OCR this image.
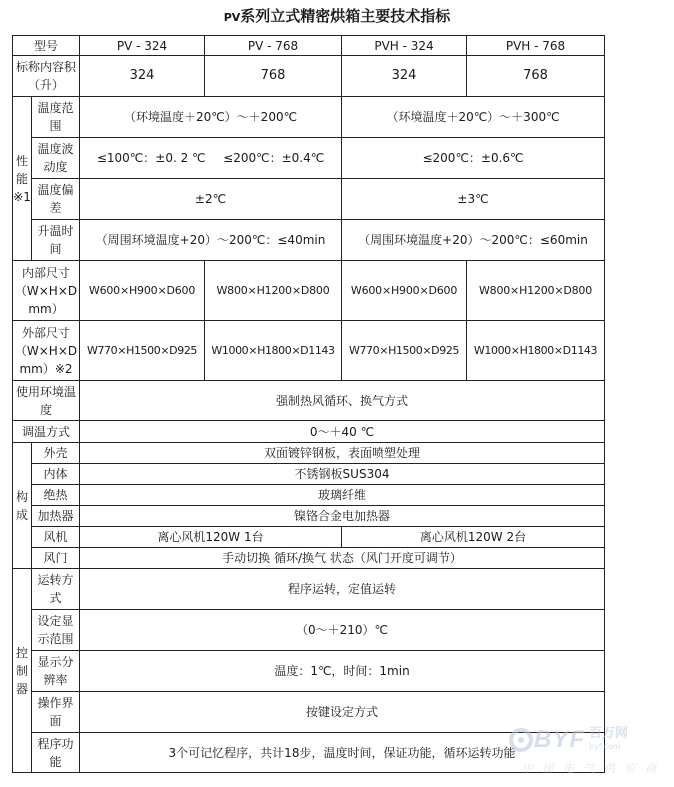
PV系列立式精密烘箱主要技术指标
型号		PV - 324	PV - 768	PVH - 324	PVH - 768
标称内容积（升）		324	768	324	768
性能※1	温度范围	（环境温度＋20℃）～＋200℃		（环境温度＋20℃）～＋300℃	
	温度波动度	≤100℃：±0. 2 ℃ ≤200℃：±0.4℃		≤200℃：±0.6℃	
	温度偏差	±2℃		±3℃	
	升温时间	（周围环境温度+20）～200℃：≤40min		（周围环境温度+20）～200℃：≤60min	
内部尺寸（W×H×Dmm）		W600×H900×D600	W800×H1200×D800	W600×H900×D600	W800×H1200×D800
外部尺寸（W×H×Dmm）※2		W770×H1500×D925	W1000×H1800×D1143	W770×H1500×D925	W1000×H1800×D1143
使用环境温度		强制热风循环、换气方式			
调温方式		0～＋40 ℃			
构成	外壳	双面镀锌钢板，表面喷塑处理			
	内体	不锈钢板SUS304			
	绝热	玻璃纤维			
	加热器	镍铬合金电加热器			
	风机	离心风机120W 1台		离心风机120W 2台	
	风门	手动切换 循环/换气 状态（风门开度可调节）			
控制器	运转方式	程序运转，定值运转			
	设定显示范围	（0～＋210）℃			
	显示分辨率	温度：1℃，时间：1min			
	操作界面	按键设定方式			
	程序功能	3个可记忆程序，共计18步，温度时间，保证功能，循环运转功能			BYF 百万网
byf.com
中 国 电 气 供 应 商
